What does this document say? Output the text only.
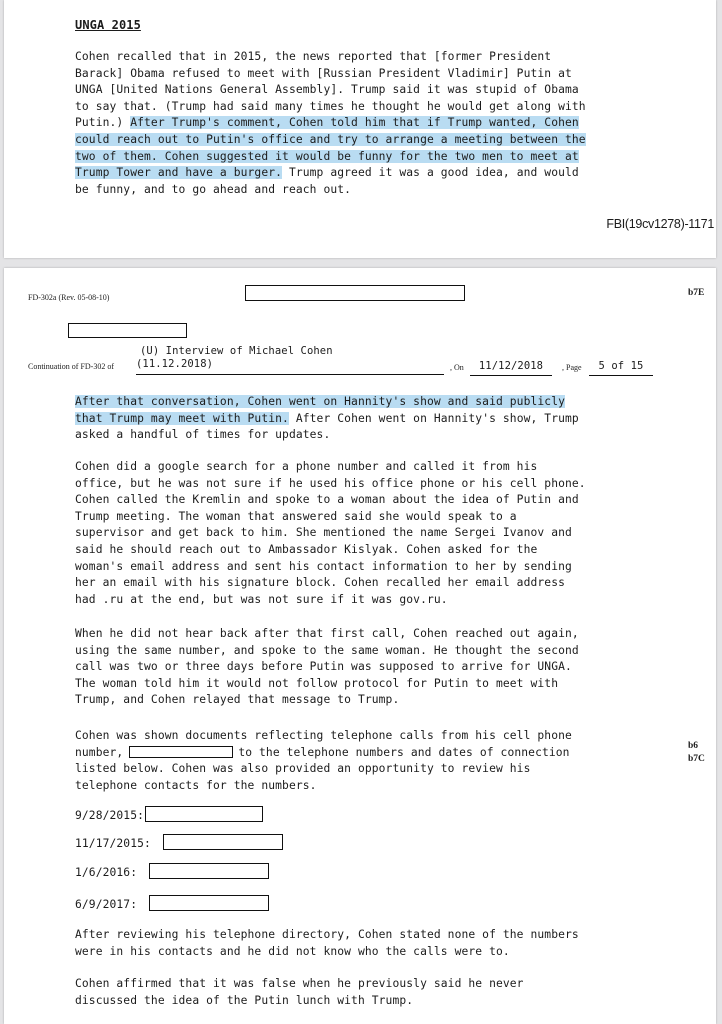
UNGA 2015
Cohen recalled that in 2015, the news reported that [former President
Barack] Obama refused to meet with [Russian President Vladimir] Putin at
UNGA [United Nations General Assembly]. Trump said it was stupid of Obama
to say that. (Trump had said many times he thought he would get along with
Putin.) After Trump's comment, Cohen told him that if Trump wanted, Cohen
could reach out to Putin's office and try to arrange a meeting between the
two of them. Cohen suggested it would be funny for the two men to meet at
Trump Tower and have a burger. Trump agreed it was a good idea, and would
be funny, and to go ahead and reach out.
FBI(19cv1278)-1171
FD-302a (Rev. 05-08-10)	b7E
Continuation of FD-302 of
(U) Interview of Michael Cohen
(11.12.2018)	, On	11/12/2018	, Page	5 of 15
After that conversation, Cohen went on Hannity's show and said publicly
that Trump may meet with Putin. After Cohen went on Hannity's show, Trump
asked a handful of times for updates.
Cohen did a google search for a phone number and called it from his
office, but he was not sure if he used his office phone or his cell phone.
Cohen called the Kremlin and spoke to a woman about the idea of Putin and
Trump meeting. The woman that answered said she would speak to a
supervisor and get back to him. She mentioned the name Sergei Ivanov and
said he should reach out to Ambassador Kislyak. Cohen asked for the
woman's email address and sent his contact information to her by sending
her an email with his signature block. Cohen recalled her email address
had .ru at the end, but was not sure if it was gov.ru.
When he did not hear back after that first call, Cohen reached out again,
using the same number, and spoke to the same woman. He thought the second
call was two or three days before Putin was supposed to arrive for UNGA.
The woman told him it would not follow protocol for Putin to meet with
Trump, and Cohen relayed that message to Trump.
Cohen was shown documents reflecting telephone calls from his cell phone
number,	to the telephone numbers and dates of connection
listed below. Cohen was also provided an opportunity to review his
telephone contacts for the numbers.
b6
b7C
9/28/2015:
11/17/2015:
1/6/2016:
6/9/2017:
After reviewing his telephone directory, Cohen stated none of the numbers
were in his contacts and he did not know who the calls were to.
Cohen affirmed that it was false when he previously said he never
discussed the idea of the Putin lunch with Trump.
